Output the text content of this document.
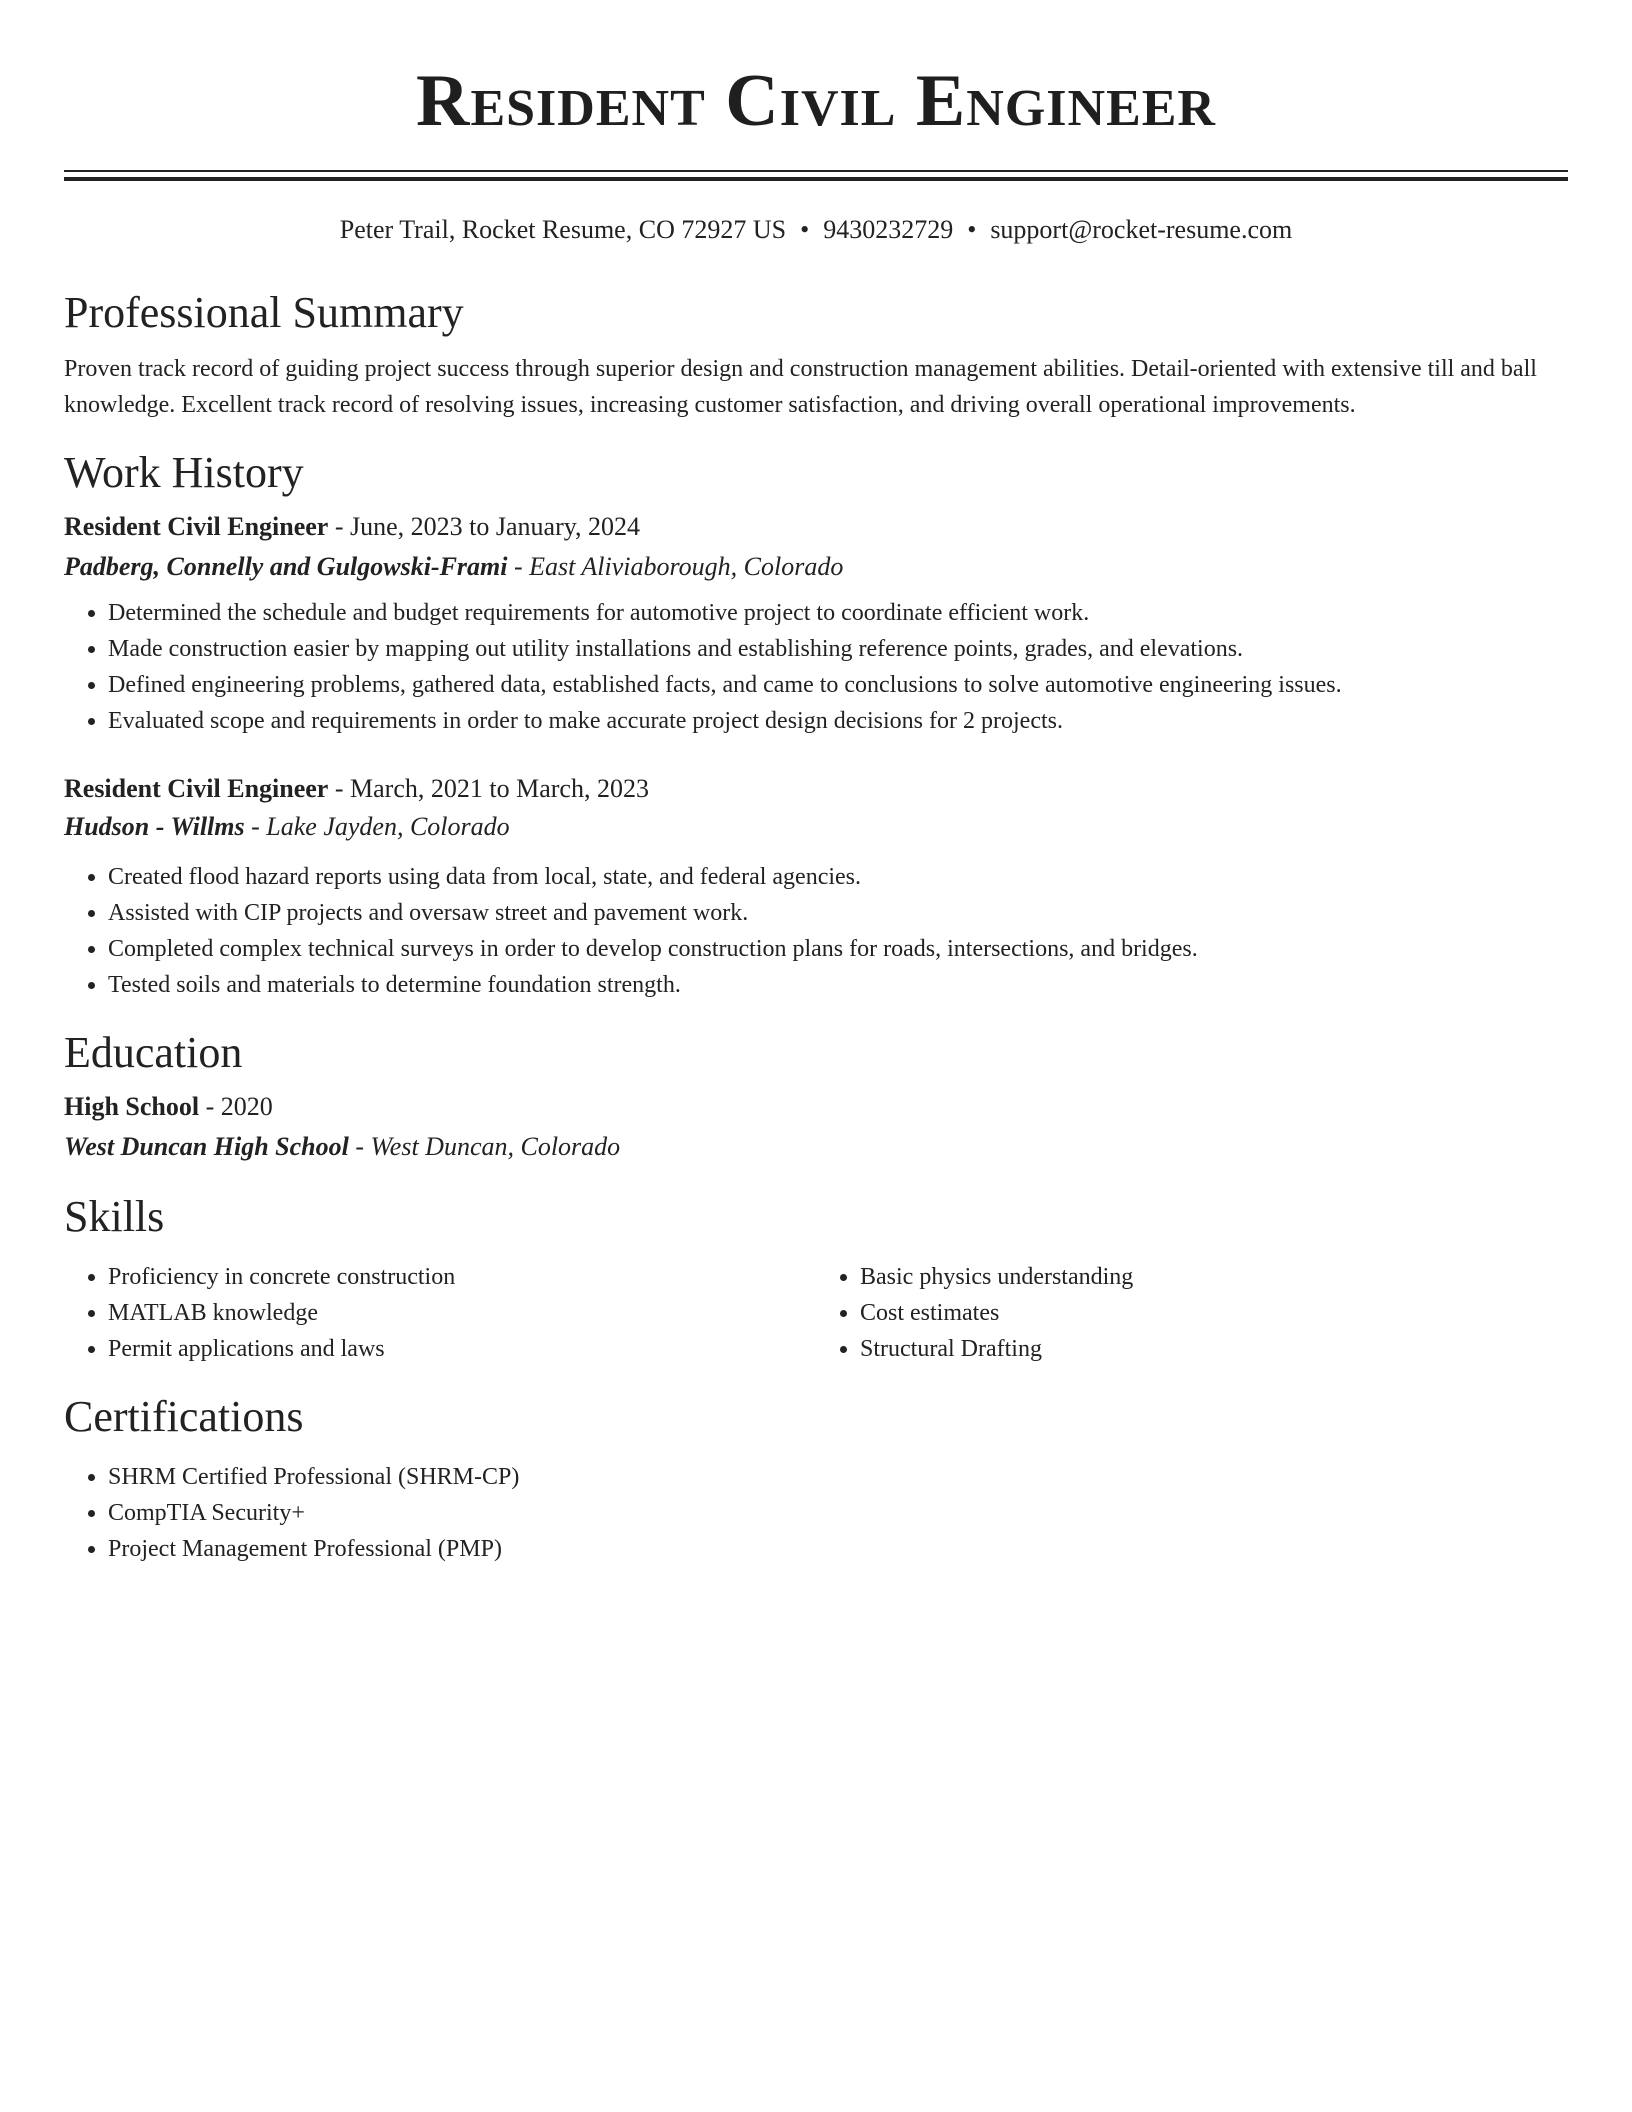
Resident Civil Engineer
Peter Trail, Rocket Resume, CO 72927 US • 9430232729 • support@rocket-resume.com
Professional Summary

Proven track record of guiding project success through superior design and construction management abilities. Detail-oriented with extensive till and ball knowledge. Excellent track record of resolving issues, increasing customer satisfaction, and driving overall operational improvements.

Work History
Resident Civil Engineer - June, 2023 to January, 2024
Padberg, Connelly and Gulgowski-Frami - East Aliviaborough, Colorado
• Determined the schedule and budget requirements for automotive project to coordinate efficient work.
• Made construction easier by mapping out utility installations and establishing reference points, grades, and elevations.
• Defined engineering problems, gathered data, established facts, and came to conclusions to solve automotive engineering issues.
• Evaluated scope and requirements in order to make accurate project design decisions for 2 projects.
Resident Civil Engineer - March, 2021 to March, 2023
Hudson - Willms - Lake Jayden, Colorado
• Created flood hazard reports using data from local, state, and federal agencies.
• Assisted with CIP projects and oversaw street and pavement work.
• Completed complex technical surveys in order to develop construction plans for roads, intersections, and bridges.
• Tested soils and materials to determine foundation strength.
Education
High School - 2020
West Duncan High School - West Duncan, Colorado
Skills
• Proficiency in concrete construction
• MATLAB knowledge
• Permit applications and laws
• Basic physics understanding
• Cost estimates
• Structural Drafting
Certifications
• SHRM Certified Professional (SHRM-CP)
• CompTIA Security+
• Project Management Professional (PMP)
